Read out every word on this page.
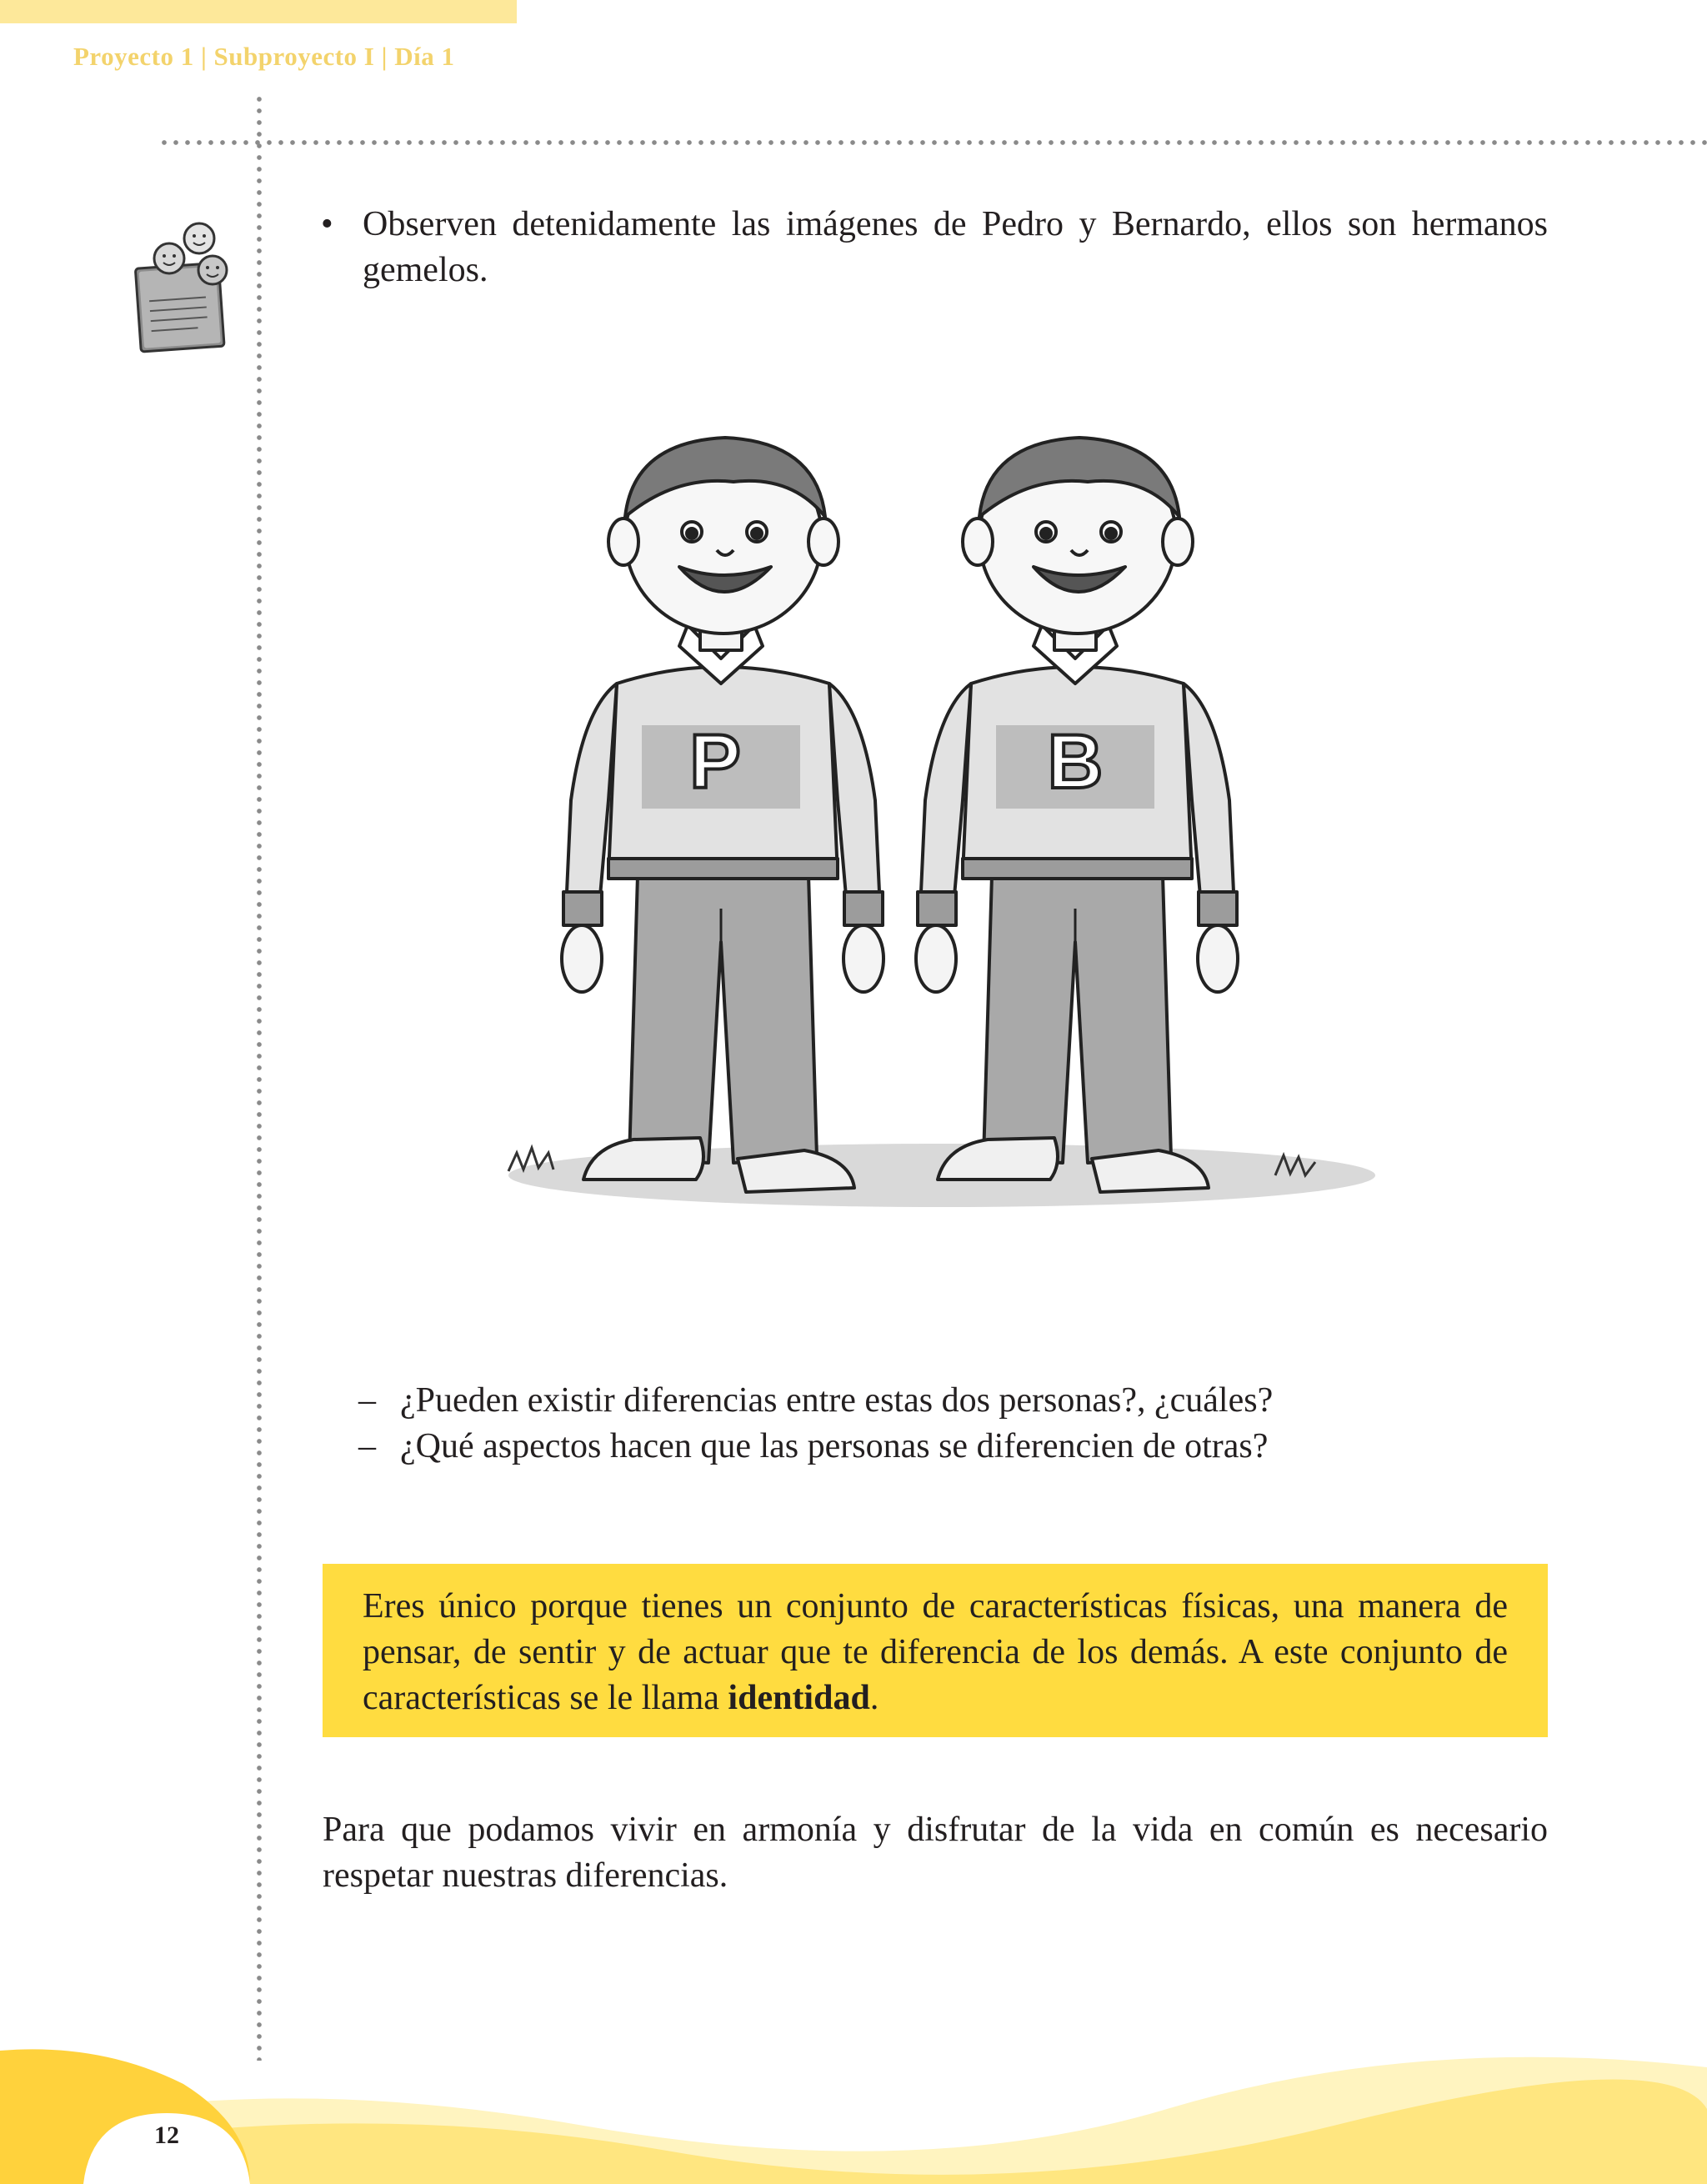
Proyecto 1 | Subproyecto I | Día 1
• Observen detenidamente las imágenes de Pedro y Bernardo, ellos son hermanos gemelos.
P	B
– ¿Pueden existir diferencias entre estas dos personas?, ¿cuáles?
– ¿Qué aspectos hacen que las personas se diferencien de otras?
Eres único porque tienes un conjunto de características físicas, una manera de pensar, de sentir y de actuar que te diferencia de los demás. A este conjunto de características se le llama identidad.
Para que podamos vivir en armonía y disfrutar de la vida en común es necesario respetar nuestras diferencias.
12
